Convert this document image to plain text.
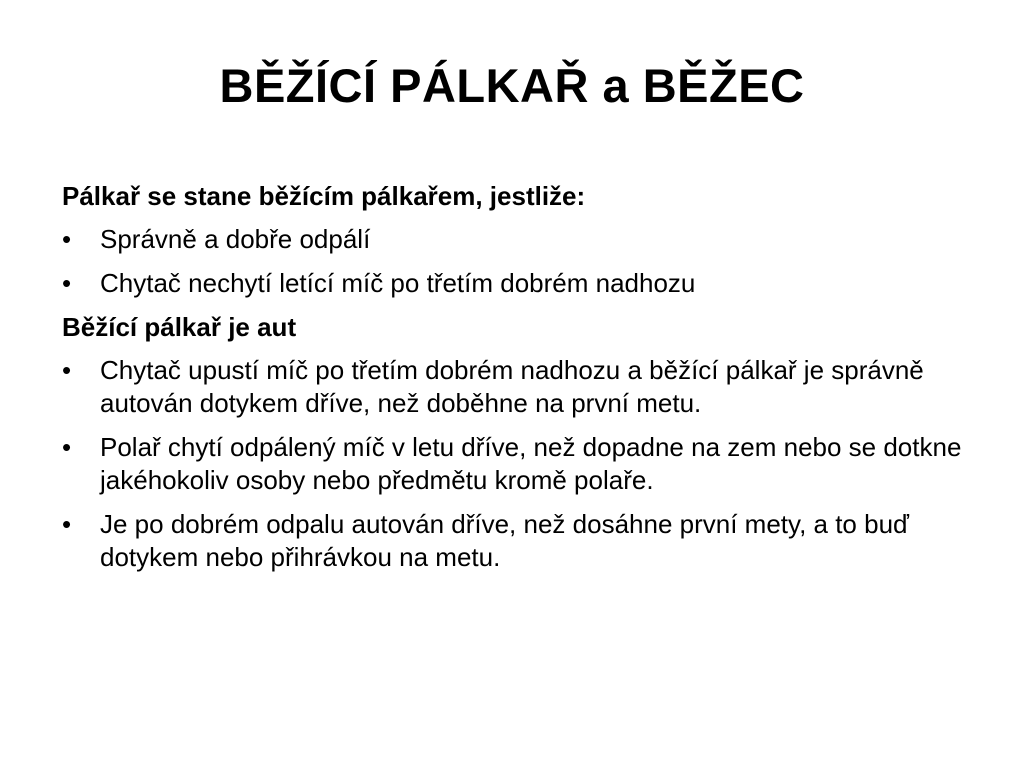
BĚŽÍCÍ PÁLKAŘ a BĚŽEC
Pálkař se stane běžícím pálkařem, jestliže:
•	Správně a dobře odpálí
•	Chytač nechytí letící míč po třetím dobrém nadhozu
Běžící pálkař je aut
•	Chytač upustí míč po třetím dobrém nadhozu a běžící pálkař je správně autován dotykem dříve, než doběhne na první metu.
•	Polař chytí odpálený míč v letu dříve, než dopadne na zem nebo se dotkne jakéhokoliv osoby nebo předmětu kromě polaře.
•	Je po dobrém odpalu autován dříve, než dosáhne první mety, a to buď dotykem nebo přihrávkou na metu.
